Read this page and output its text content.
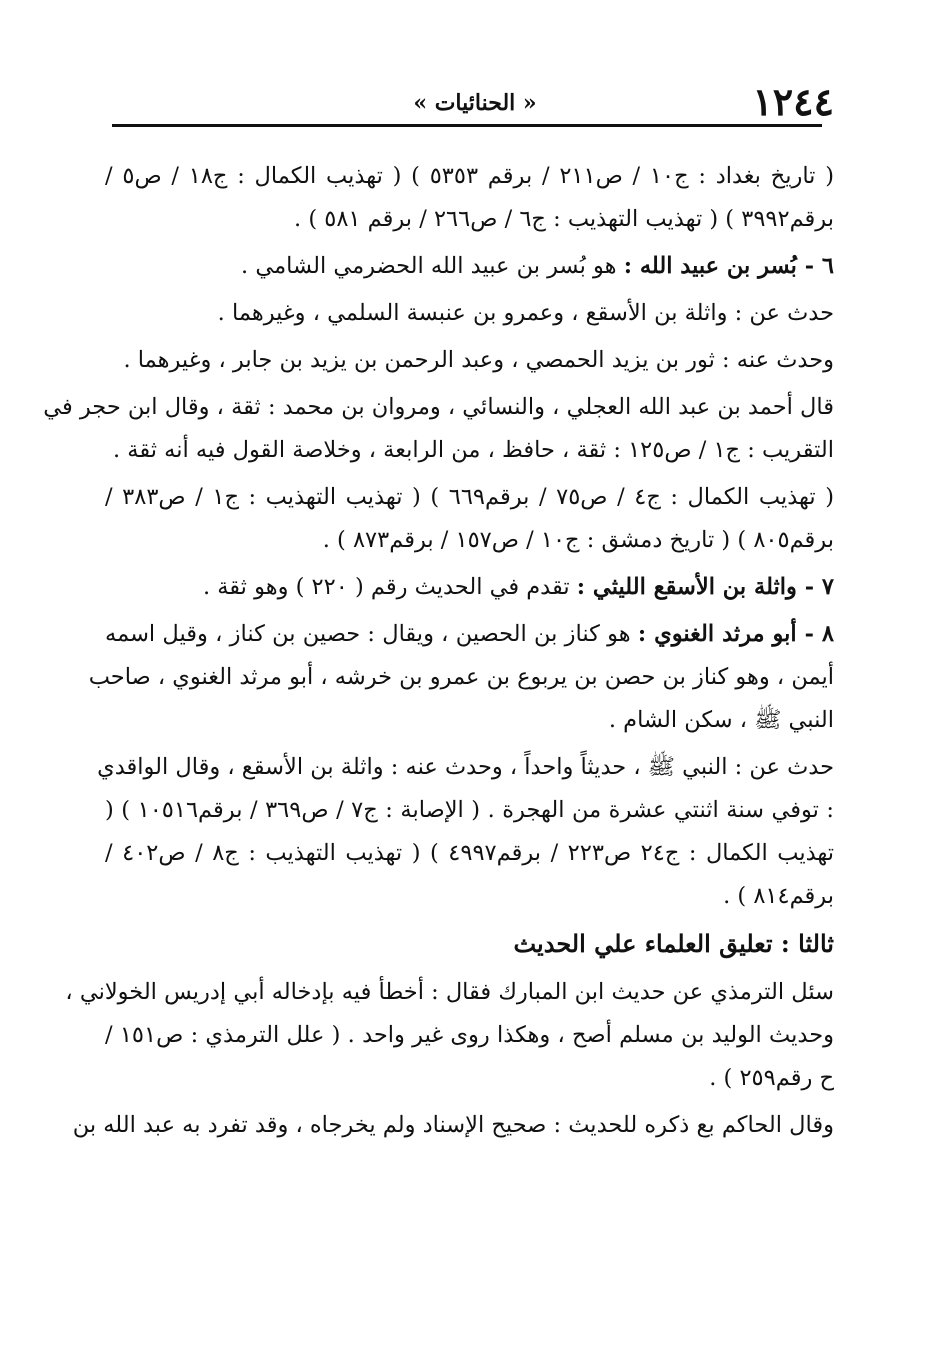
١٢٤٤
« الحنائيات »
( تاريخ بغداد : ج١٠ / ص٢١١ / برقم ٥٣٥٣ ) ( تهذيب الكمال : ج١٨ / ص٥ /
برقم٣٩٩٢ ) ( تهذيب التهذيب : ج٦ / ص٢٦٦ / برقم ٥٨١ ) .
٦ - بُسر بن عبيد الله : هو بُسر بن عبيد الله الحضرمي الشامي .
حدث عن : واثلة بن الأسقع ، وعمرو بن عنبسة السلمي ، وغيرهما .
وحدث عنه : ثور بن يزيد الحمصي ، وعبد الرحمن بن يزيد بن جابر ، وغيرهما .
قال أحمد بن عبد الله العجلي ، والنسائي ، ومروان بن محمد : ثقة ، وقال ابن حجر في
التقريب : ج١ / ص١٢٥ : ثقة ، حافظ ، من الرابعة ، وخلاصة القول فيه أنه ثقة .
( تهذيب الكمال : ج٤ / ص٧٥ / برقم٦٦٩ ) ( تهذيب التهذيب : ج١ / ص٣٨٣ /
برقم٨٠٥ ) ( تاريخ دمشق : ج١٠ / ص١٥٧ / برقم٨٧٣ ) .
٧ - واثلة بن الأسقع الليثي : تقدم في الحديث رقم ( ٢٢٠ ) وهو ثقة .
٨ - أبو مرثد الغنوي : هو كناز بن الحصين ، ويقال : حصين بن كناز ، وقيل اسمه
أيمن ، وهو كناز بن حصن بن يربوع بن عمرو بن خرشه ، أبو مرثد الغنوي ، صاحب
النبي ﷺ ، سكن الشام .
حدث عن : النبي ﷺ ، حديثاً واحداً ، وحدث عنه : واثلة بن الأسقع ، وقال الواقدي
: توفي سنة اثنتي عشرة من الهجرة . ( الإصابة : ج٧ / ص٣٦٩ / برقم١٠٥١٦ ) (
تهذيب الكمال : ج٢٤ ص٢٢٣ / برقم٤٩٩٧ ) ( تهذيب التهذيب : ج٨ / ص٤٠٢ /
برقم٨١٤ ) .
ثالثا : تعليق العلماء علي الحديث
سئل الترمذي عن حديث ابن المبارك فقال : أخطأ فيه بإدخاله أبي إدريس الخولاني ،
وحديث الوليد بن مسلم أصح ، وهكذا روى غير واحد . ( علل الترمذي : ص١٥١ /
ح رقم٢٥٩ ) .
وقال الحاكم بع ذكره للحديث : صحيح الإسناد ولم يخرجاه ، وقد تفرد به عبد الله بن
